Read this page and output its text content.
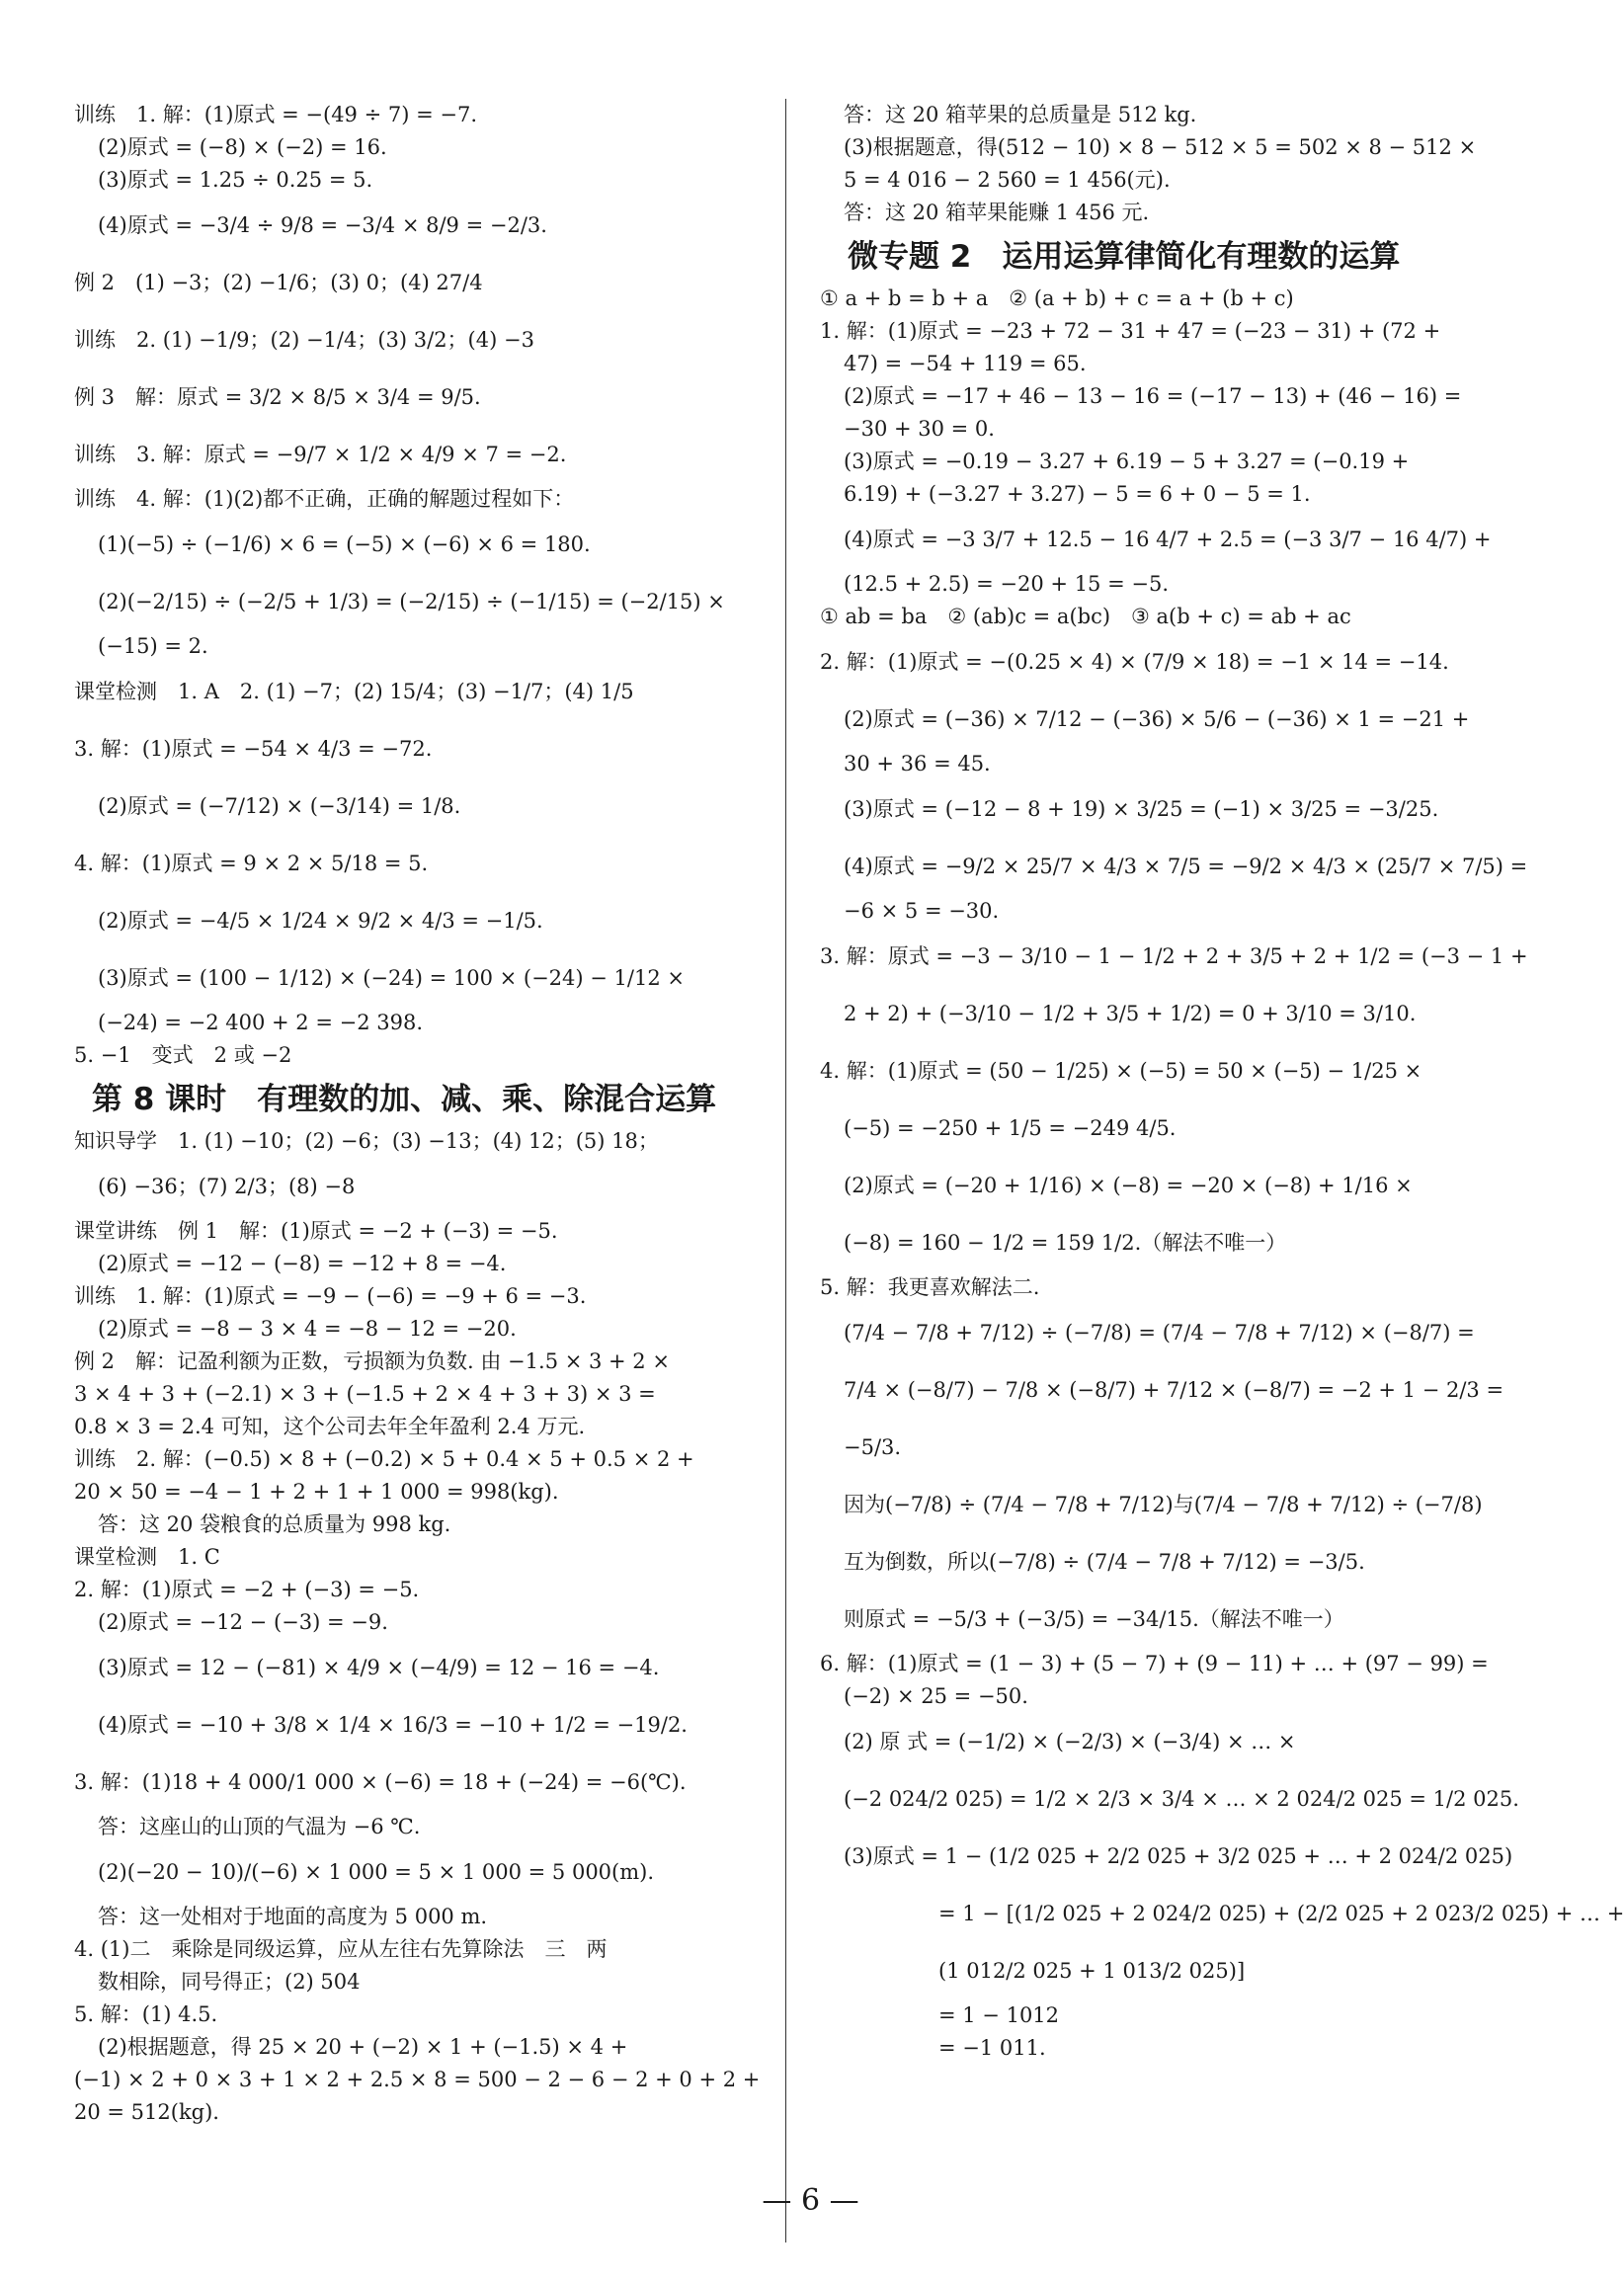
训练　1. 解：(1)原式 = −(49 ÷ 7) = −7.

(2)原式 = (−8) × (−2) = 16.

(3)原式 = 1.25 ÷ 0.25 = 5.

(4)原式 = −3/4 ÷ 9/8 = −3/4 × 8/9 = −2/3.

例 2　(1) −3；(2) −1/6；(3) 0；(4) 27/4

训练　2. (1) −1/9；(2) −1/4；(3) 3/2；(4) −3

例 3　解：原式 = 3/2 × 8/5 × 3/4 = 9/5.

训练　3. 解：原式 = −9/7 × 1/2 × 4/9 × 7 = −2.

训练　4. 解：(1)(2)都不正确，正确的解题过程如下：

(1)(−5) ÷ (−1/6) × 6 = (−5) × (−6) × 6 = 180.

(2)(−2/15) ÷ (−2/5 + 1/3) = (−2/15) ÷ (−1/15) = (−2/15) ×

(−15) = 2.

课堂检测　1. A　2. (1) −7；(2) 15/4；(3) −1/7；(4) 1/5

3. 解：(1)原式 = −54 × 4/3 = −72.

(2)原式 = (−7/12) × (−3/14) = 1/8.

4. 解：(1)原式 = 9 × 2 × 5/18 = 5.

(2)原式 = −4/5 × 1/24 × 9/2 × 4/3 = −1/5.

(3)原式 = (100 − 1/12) × (−24) = 100 × (−24) − 1/12 ×

(−24) = −2 400 + 2 = −2 398.

5. −1　变式　2 或 −2

第 8 课时　有理数的加、减、乘、除混合运算

知识导学　1. (1) −10；(2) −6；(3) −13；(4) 12；(5) 18；

(6) −36；(7) 2/3；(8) −8

课堂讲练　例 1　解：(1)原式 = −2 + (−3) = −5.

(2)原式 = −12 − (−8) = −12 + 8 = −4.

训练　1. 解：(1)原式 = −9 − (−6) = −9 + 6 = −3.

(2)原式 = −8 − 3 × 4 = −8 − 12 = −20.

例 2　解：记盈利额为正数，亏损额为负数. 由 −1.5 × 3 + 2 ×

3 × 4 + 3 + (−2.1) × 3 + (−1.5 + 2 × 4 + 3 + 3) × 3 =

0.8 × 3 = 2.4 可知，这个公司去年全年盈利 2.4 万元.

训练　2. 解：(−0.5) × 8 + (−0.2) × 5 + 0.4 × 5 + 0.5 × 2 +

20 × 50 = −4 − 1 + 2 + 1 + 1 000 = 998(kg).

答：这 20 袋粮食的总质量为 998 kg.

课堂检测　1. C

2. 解：(1)原式 = −2 + (−3) = −5.

(2)原式 = −12 − (−3) = −9.

(3)原式 = 12 − (−81) × 4/9 × (−4/9) = 12 − 16 = −4.

(4)原式 = −10 + 3/8 × 1/4 × 16/3 = −10 + 1/2 = −19/2.

3. 解：(1)18 + 4 000/1 000 × (−6) = 18 + (−24) = −6(℃).

答：这座山的山顶的气温为 −6 ℃.

(2)(−20 − 10)/(−6) × 1 000 = 5 × 1 000 = 5 000(m).

答：这一处相对于地面的高度为 5 000 m.

4. (1)二　乘除是同级运算，应从左往右先算除法　三　两

数相除，同号得正；(2) 504

5. 解：(1) 4.5.

(2)根据题意，得 25 × 20 + (−2) × 1 + (−1.5) × 4 +

(−1) × 2 + 0 × 3 + 1 × 2 + 2.5 × 8 = 500 − 2 − 6 − 2 + 0 + 2 +

20 = 512(kg).

答：这 20 箱苹果的总质量是 512 kg.

(3)根据题意，得(512 − 10) × 8 − 512 × 5 = 502 × 8 − 512 ×

5 = 4 016 − 2 560 = 1 456(元).

答：这 20 箱苹果能赚 1 456 元.

微专题 2　运用运算律简化有理数的运算

① a + b = b + a　② (a + b) + c = a + (b + c)

1. 解：(1)原式 = −23 + 72 − 31 + 47 = (−23 − 31) + (72 +

47) = −54 + 119 = 65.

(2)原式 = −17 + 46 − 13 − 16 = (−17 − 13) + (46 − 16) =

−30 + 30 = 0.

(3)原式 = −0.19 − 3.27 + 6.19 − 5 + 3.27 = (−0.19 +

6.19) + (−3.27 + 3.27) − 5 = 6 + 0 − 5 = 1.

(4)原式 = −3 3/7 + 12.5 − 16 4/7 + 2.5 = (−3 3/7 − 16 4/7) +

(12.5 + 2.5) = −20 + 15 = −5.

① ab = ba　② (ab)c = a(bc)　③ a(b + c) = ab + ac

2. 解：(1)原式 = −(0.25 × 4) × (7/9 × 18) = −1 × 14 = −14.

(2)原式 = (−36) × 7/12 − (−36) × 5/6 − (−36) × 1 = −21 +

30 + 36 = 45.

(3)原式 = (−12 − 8 + 19) × 3/25 = (−1) × 3/25 = −3/25.

(4)原式 = −9/2 × 25/7 × 4/3 × 7/5 = −9/2 × 4/3 × (25/7 × 7/5) =

−6 × 5 = −30.

3. 解：原式 = −3 − 3/10 − 1 − 1/2 + 2 + 3/5 + 2 + 1/2 = (−3 − 1 +

2 + 2) + (−3/10 − 1/2 + 3/5 + 1/2) = 0 + 3/10 = 3/10.

4. 解：(1)原式 = (50 − 1/25) × (−5) = 50 × (−5) − 1/25 ×

(−5) = −250 + 1/5 = −249 4/5.

(2)原式 = (−20 + 1/16) × (−8) = −20 × (−8) + 1/16 ×

(−8) = 160 − 1/2 = 159 1/2.（解法不唯一）

5. 解：我更喜欢解法二.

(7/4 − 7/8 + 7/12) ÷ (−7/8) = (7/4 − 7/8 + 7/12) × (−8/7) =

7/4 × (−8/7) − 7/8 × (−8/7) + 7/12 × (−8/7) = −2 + 1 − 2/3 =

−5/3.

因为(−7/8) ÷ (7/4 − 7/8 + 7/12)与(7/4 − 7/8 + 7/12) ÷ (−7/8)

互为倒数，所以(−7/8) ÷ (7/4 − 7/8 + 7/12) = −3/5.

则原式 = −5/3 + (−3/5) = −34/15.（解法不唯一）

6. 解：(1)原式 = (1 − 3) + (5 − 7) + (9 − 11) + … + (97 − 99) =

(−2) × 25 = −50.

(2) 原 式 = (−1/2) × (−2/3) × (−3/4) × … ×

(−2 024/2 025) = 1/2 × 2/3 × 3/4 × … × 2 024/2 025 = 1/2 025.

(3)原式 = 1 − (1/2 025 + 2/2 025 + 3/2 025 + … + 2 024/2 025)

= 1 − [(1/2 025 + 2 024/2 025) + (2/2 025 + 2 023/2 025) + … +

(1 012/2 025 + 1 013/2 025)]

= 1 − 1012

= −1 011.

— 6 —
